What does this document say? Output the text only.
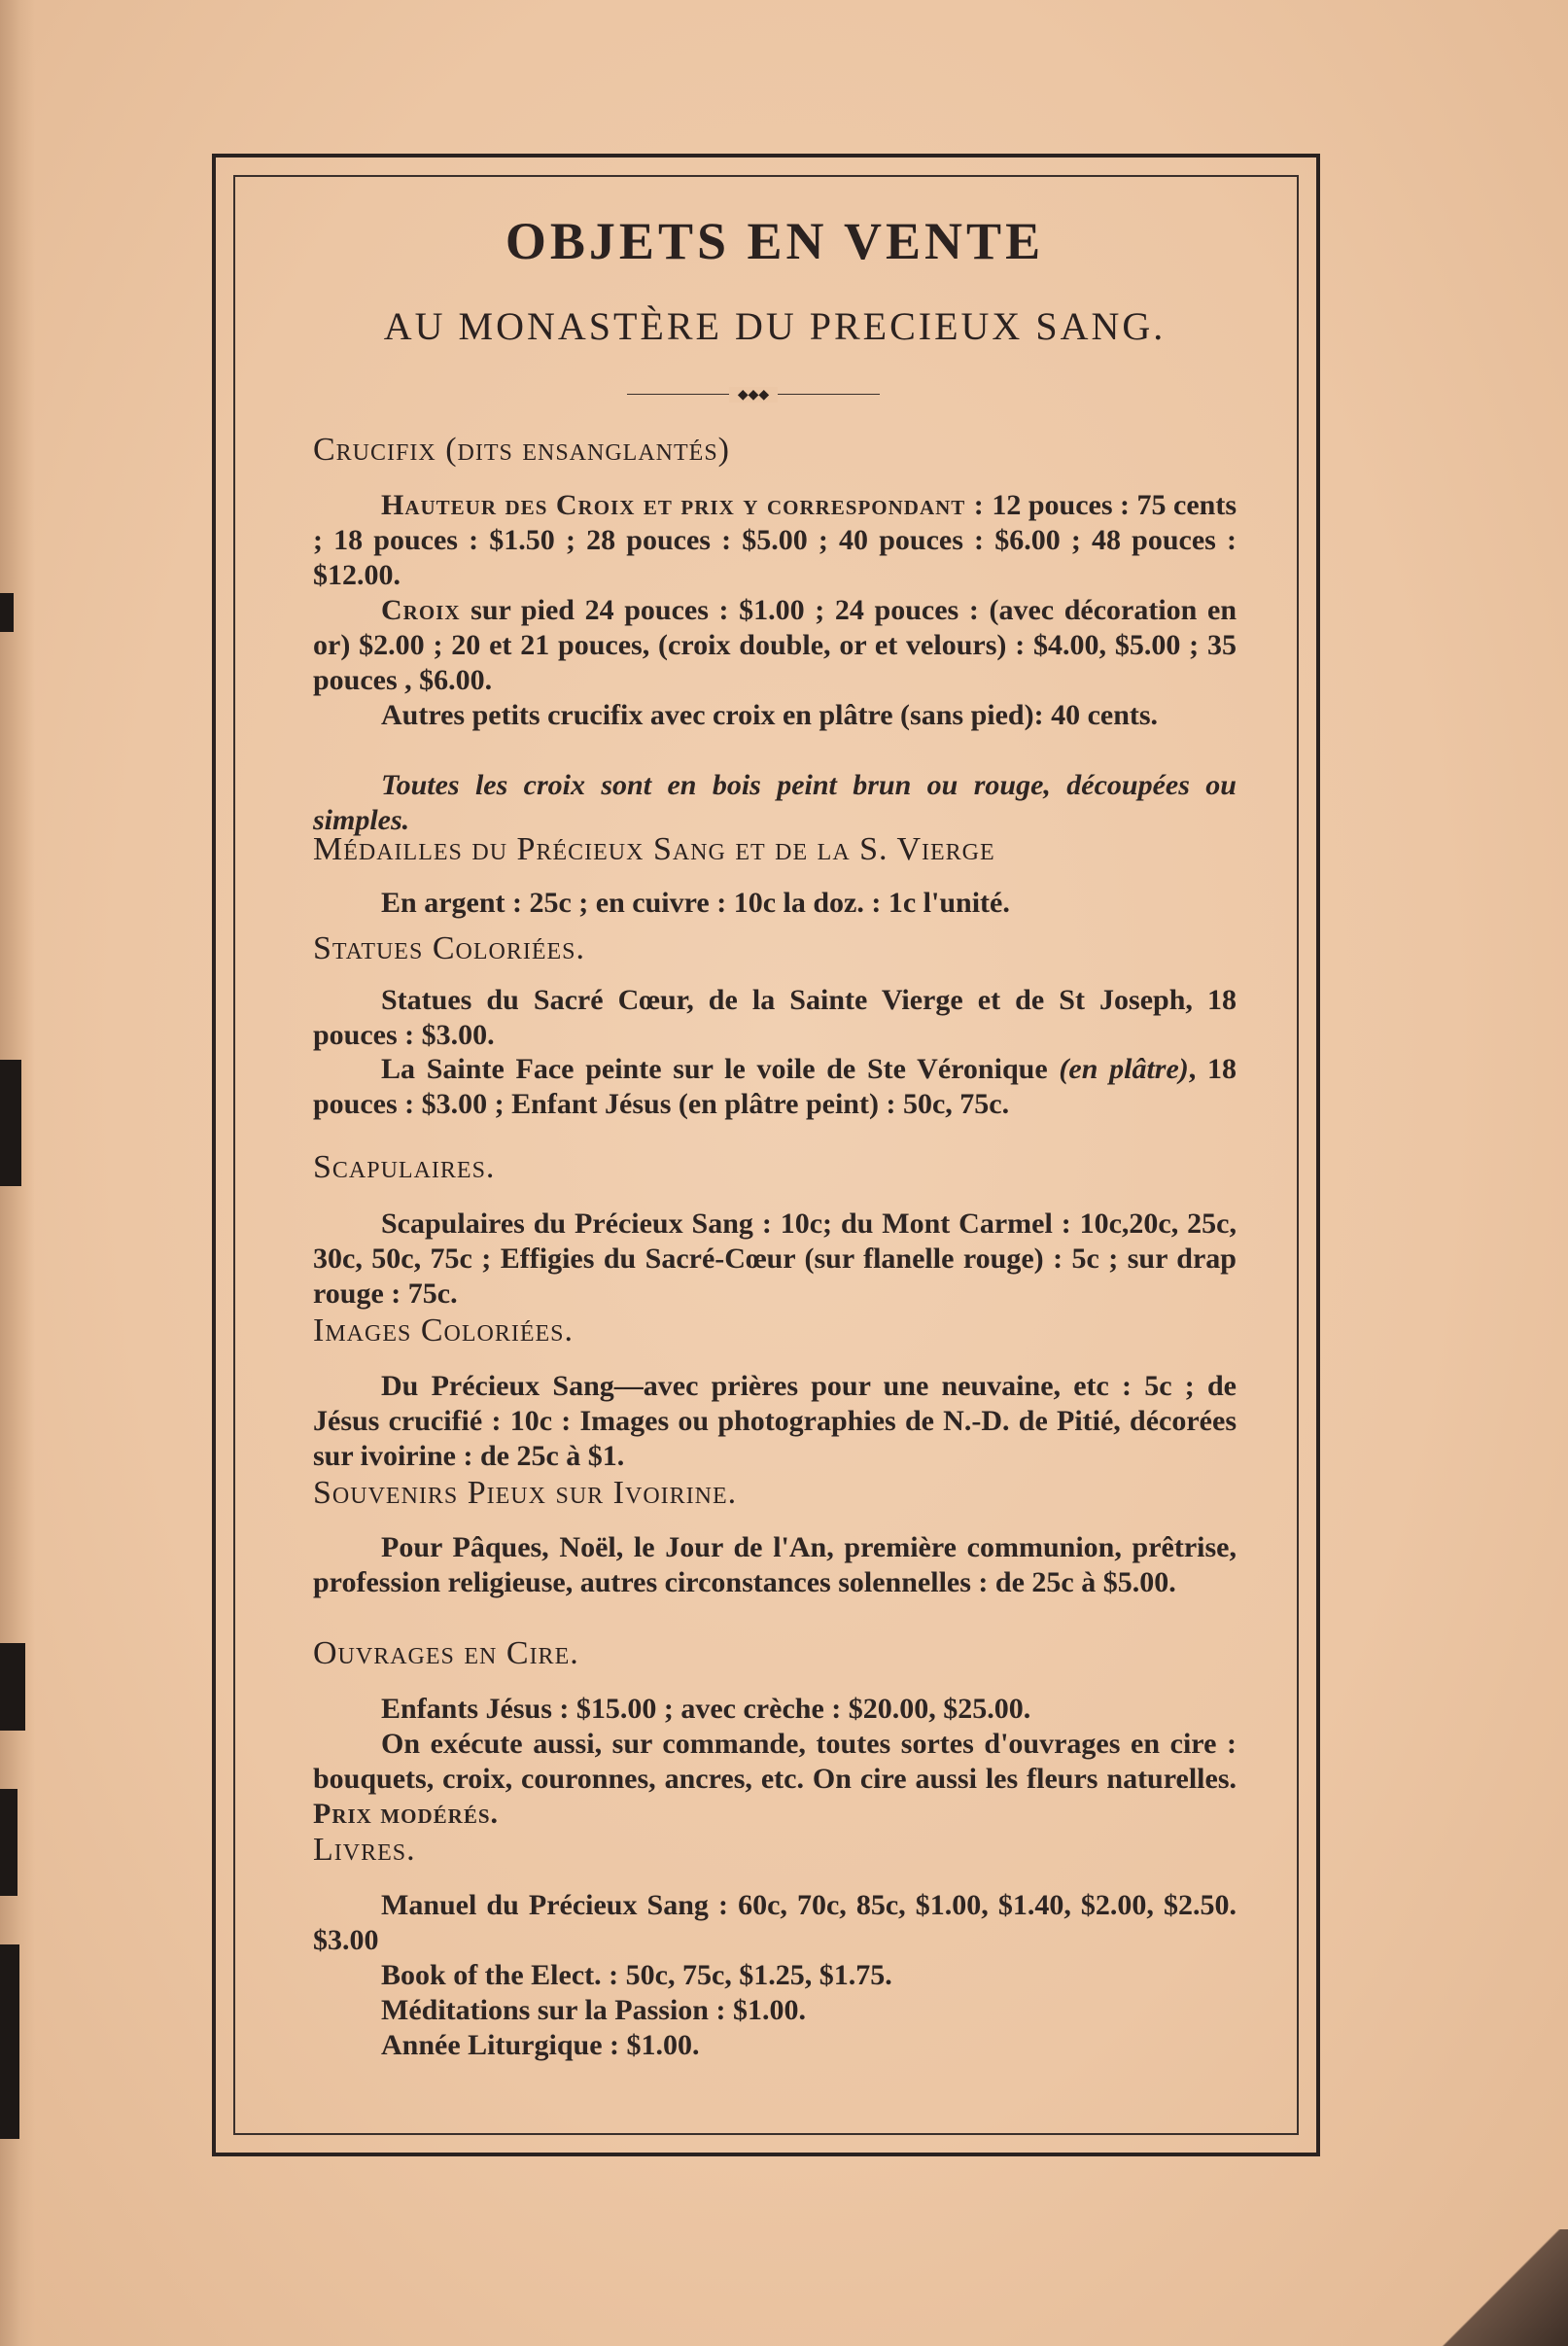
OBJETS EN VENTE
AU MONASTÈRE DU PRECIEUX SANG.
◆◆◆
Crucifix (dits ensanglantés)
Hauteur des Croix et prix y correspondant : 12 pouces : 75 cents ; 18 pouces : $1.50 ; 28 pouces : $5.00 ; 40 pouces : $6.00 ; 48 pouces : $12.00.
Croix sur pied 24 pouces : $1.00 ; 24 pouces : (avec décoration en or) $2.00 ; 20 et 21 pouces, (croix double, or et velours) : $4.00, $5.00 ; 35 pouces , $6.00.
Autres petits crucifix avec croix en plâtre (sans pied): 40 cents.
Toutes les croix sont en bois peint brun ou rouge, découpées ou simples.
Médailles du Précieux Sang et de la S. Vierge
En argent : 25c ; en cuivre : 10c la doz. : 1c l'unité.
Statues Coloriées.
Statues du Sacré Cœur, de la Sainte Vierge et de St Joseph, 18 pouces : $3.00.
La Sainte Face peinte sur le voile de Ste Véronique (en plâtre), 18 pouces : $3.00 ; Enfant Jésus (en plâtre peint) : 50c, 75c.
Scapulaires.
Scapulaires du Précieux Sang : 10c; du Mont Carmel : 10c,20c, 25c, 30c, 50c, 75c ; Effigies du Sacré-Cœur (sur flanelle rouge) : 5c ; sur drap rouge : 75c.
Images Coloriées.
Du Précieux Sang—avec prières pour une neuvaine, etc : 5c ; de Jésus crucifié : 10c : Images ou photographies de N.-D. de Pitié, décorées sur ivoirine : de 25c à $1.
Souvenirs Pieux sur Ivoirine.
Pour Pâques, Noël, le Jour de l'An, première communion, prêtrise, profession religieuse, autres circonstances solennelles : de 25c à $5.00.
Ouvrages en Cire.
Enfants Jésus : $15.00 ; avec crèche : $20.00, $25.00.
On exécute aussi, sur commande, toutes sortes d'ouvrages en cire : bouquets, croix, couronnes, ancres, etc. On cire aussi les fleurs naturelles. Prix modérés.
Livres.
Manuel du Précieux Sang : 60c, 70c, 85c, $1.00, $1.40, $2.00, $2.50. $3.00
Book of the Elect. : 50c, 75c, $1.25, $1.75.
Méditations sur la Passion : $1.00.
Année Liturgique : $1.00.
